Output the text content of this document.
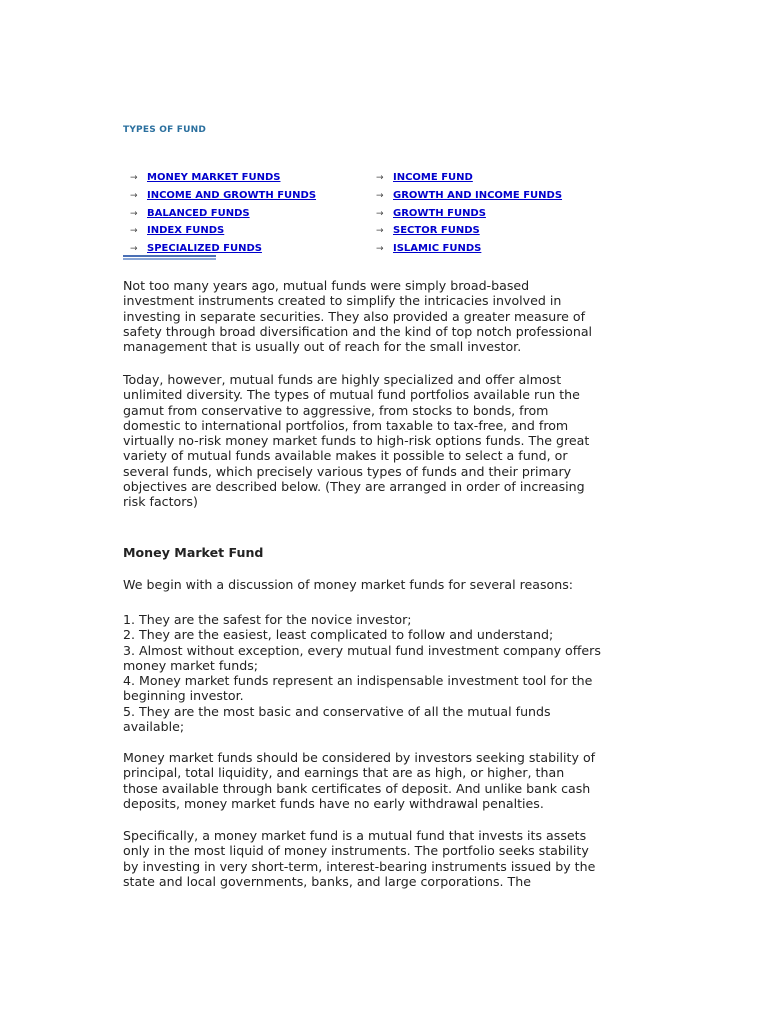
TYPES OF FUND
→ MONEY MARKET FUNDS
→ INCOME AND GROWTH FUNDS
→ BALANCED FUNDS
→ INDEX FUNDS
→ SPECIALIZED FUNDS
→ INCOME FUND
→ GROWTH AND INCOME FUNDS
→ GROWTH FUNDS
→ SECTOR FUNDS
→ ISLAMIC FUNDS

Not too many years ago, mutual funds were simply broad-based investment instruments created to simplify the intricacies involved in investing in separate securities. They also provided a greater measure of safety through broad diversification and the kind of top notch professional management that is usually out of reach for the small investor.

Today, however, mutual funds are highly specialized and offer almost unlimited diversity. The types of mutual fund portfolios available run the gamut from conservative to aggressive, from stocks to bonds, from domestic to international portfolios, from taxable to tax-free, and from virtually no-risk money market funds to high-risk options funds. The great variety of mutual funds available makes it possible to select a fund, or several funds, which precisely various types of funds and their primary objectives are described below. (They are arranged in order of increasing risk factors)

Money Market Fund

We begin with a discussion of money market funds for several reasons:

1. They are the safest for the novice investor;
2. They are the easiest, least complicated to follow and understand;
3. Almost without exception, every mutual fund investment company offers money market funds;
4. Money market funds represent an indispensable investment tool for the beginning investor.
5. They are the most basic and conservative of all the mutual funds available;

Money market funds should be considered by investors seeking stability of principal, total liquidity, and earnings that are as high, or higher, than those available through bank certificates of deposit. And unlike bank cash deposits, money market funds have no early withdrawal penalties.

Specifically, a money market fund is a mutual fund that invests its assets only in the most liquid of money instruments. The portfolio seeks stability by investing in very short-term, interest-bearing instruments issued by the state and local governments, banks, and large corporations. The
